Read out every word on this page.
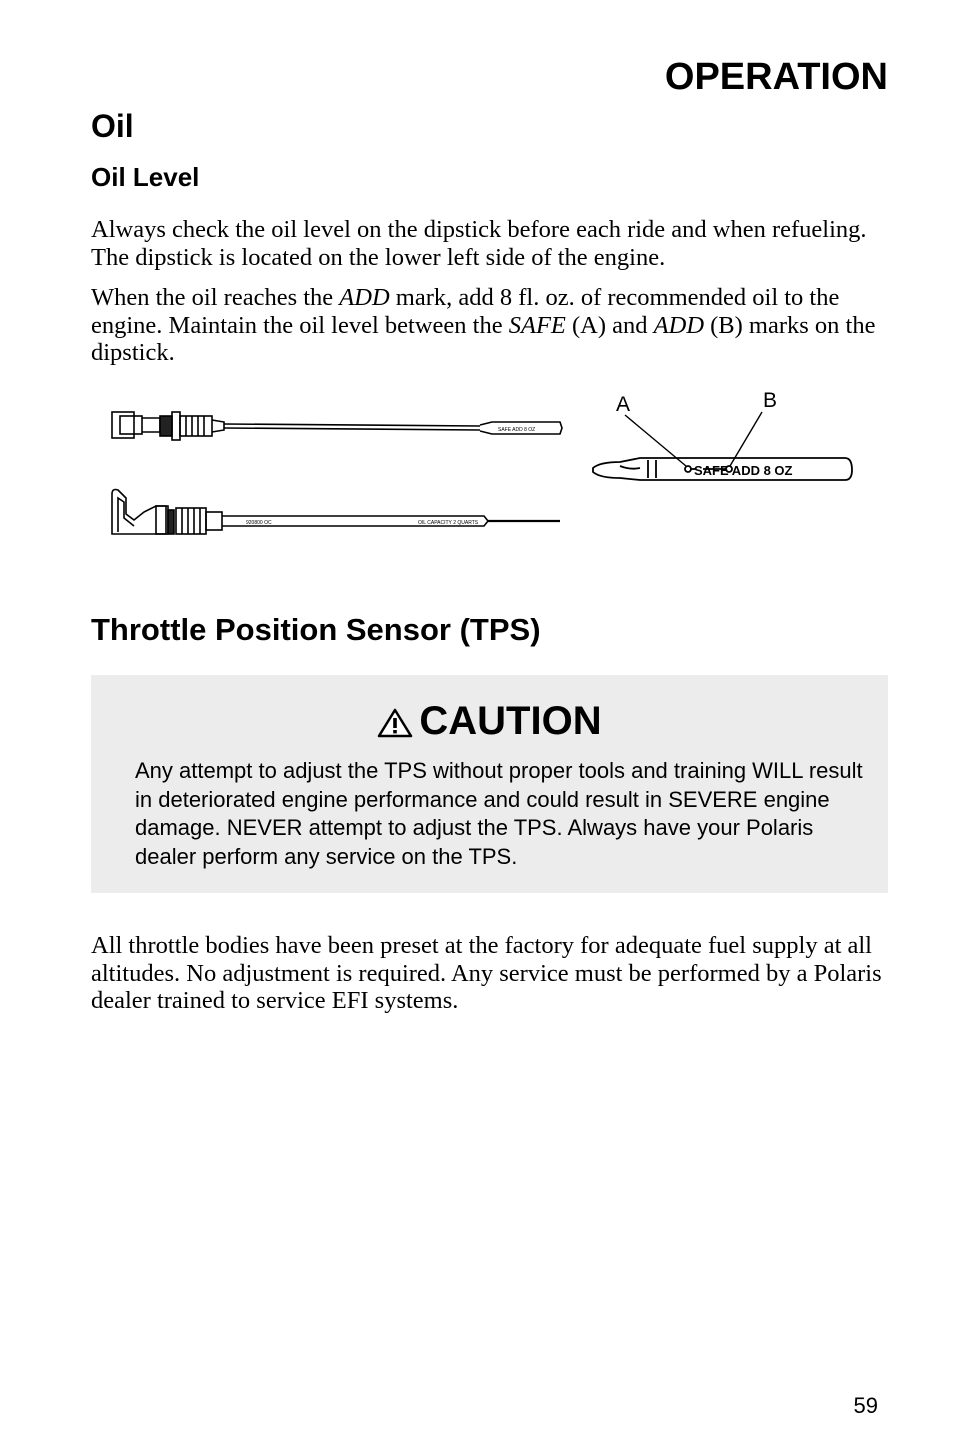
OPERATION
Oil
Oil Level

Always check the oil level on the dipstick before each ride and when refueling. The dipstick is located on the lower left side of the engine.

When the oil reaches the ADD mark, add 8 fl. oz. of recommended oil to the engine. Maintain the oil level between the SAFE (A) and ADD (B) marks on the dipstick.

SAFE ADD 8 OZ
920800 OC	OIL CAPACITY 2 QUARTS
SAFE ADD 8 OZ
A	B
Throttle Position Sensor (TPS)
CAUTION

Any attempt to adjust the TPS without proper tools and training WILL result in deteriorated engine performance and could result in SEVERE engine damage. NEVER attempt to adjust the TPS. Always have your Polaris dealer perform any service on the TPS.

All throttle bodies have been preset at the factory for adequate fuel supply at all altitudes. No adjustment is required. Any service must be performed by a Polaris dealer trained to service EFI systems.

59
